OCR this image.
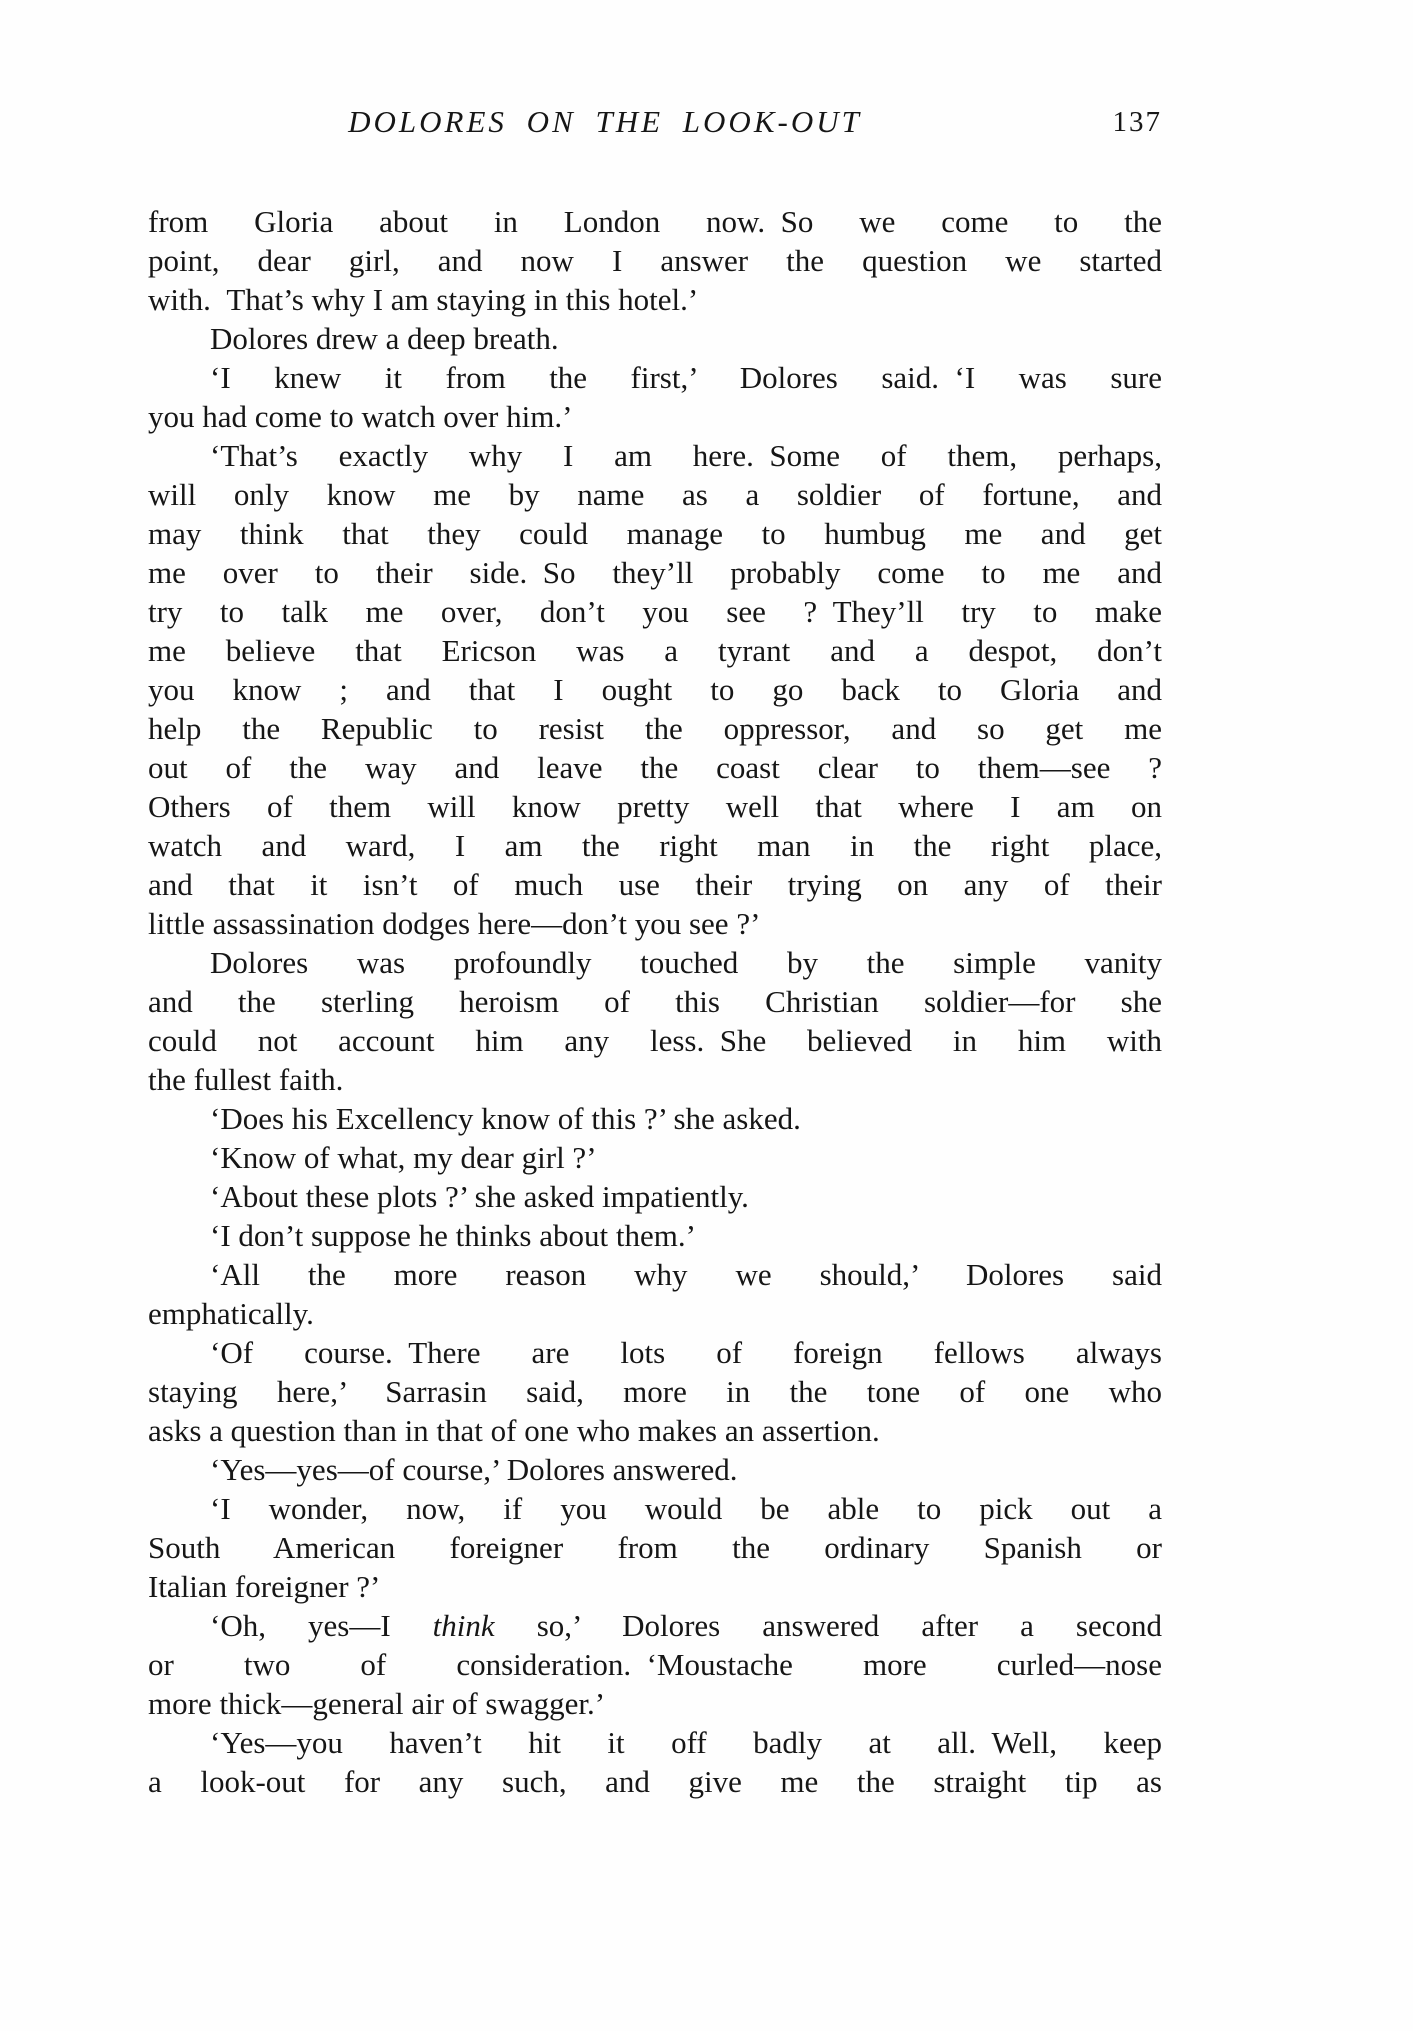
DOLORES ON THE LOOK-OUT	137
from Gloria about in London now. So we come to the
point, dear girl, and now I answer the question we started
with. That’s why I am staying in this hotel.’
Dolores drew a deep breath.
‘I knew it from the first,’ Dolores said. ‘I was sure
you had come to watch over him.’
‘That’s exactly why I am here. Some of them, perhaps,
will only know me by name as a soldier of fortune, and
may think that they could manage to humbug me and get
me over to their side. So they’ll probably come to me and
try to talk me over, don’t you see ? They’ll try to make
me believe that Ericson was a tyrant and a despot, don’t
you know ; and that I ought to go back to Gloria and
help the Republic to resist the oppressor, and so get me
out of the way and leave the coast clear to them—see ?
Others of them will know pretty well that where I am on
watch and ward, I am the right man in the right place,
and that it isn’t of much use their trying on any of their
little assassination dodges here—don’t you see ?’
Dolores was profoundly touched by the simple vanity
and the sterling heroism of this Christian soldier—for she
could not account him any less. She believed in him with
the fullest faith.
‘Does his Excellency know of this ?’ she asked.
‘Know of what, my dear girl ?’
‘About these plots ?’ she asked impatiently.
‘I don’t suppose he thinks about them.’
‘All the more reason why we should,’ Dolores said
emphatically.
‘Of course. There are lots of foreign fellows always
staying here,’ Sarrasin said, more in the tone of one who
asks a question than in that of one who makes an assertion.
‘Yes—yes—of course,’ Dolores answered.
‘I wonder, now, if you would be able to pick out a
South American foreigner from the ordinary Spanish or
Italian foreigner ?’
‘Oh, yes—I think so,’ Dolores answered after a second
or two of consideration. ‘Moustache more curled—nose
more thick—general air of swagger.’
‘Yes—you haven’t hit it off badly at all. Well, keep
a look-out for any such, and give me the straight tip as
